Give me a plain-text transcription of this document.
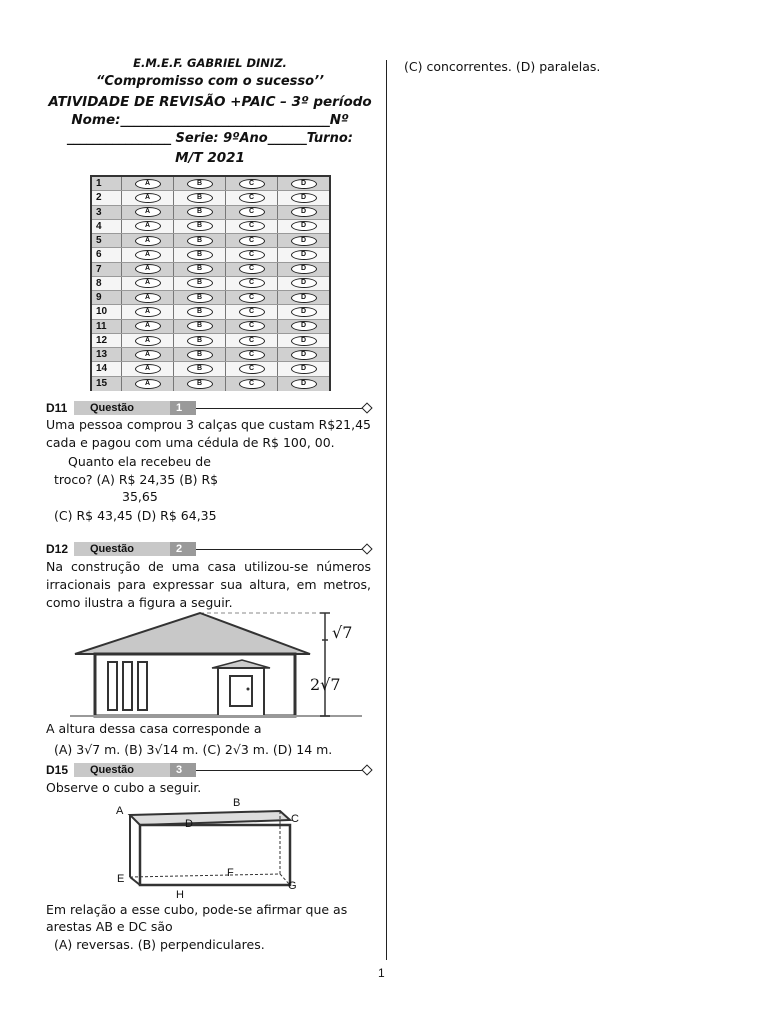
E.M.E.F. GABRIEL DINIZ.
“Compromisso com o sucesso’’
ATIVIDADE DE REVISÃO +PAIC – 3º período
Nome:_______________________________Nº
________________ Serie: 9ºAno______Turno:
M/T 2021
1	A	B	C	D
2	A	B	C	D
3	A	B	C	D
4	A	B	C	D
5	A	B	C	D
6	A	B	C	D
7	A	B	C	D
8	A	B	C	D
9	A	B	C	D
10	A	B	C	D
11	A	B	C	D
12	A	B	C	D
13	A	B	C	D
14	A	B	C	D
15	A	B	C	D
D11	Questão	1
Uma pessoa comprou 3 calças que custam R$21,45
cada e pagou com uma cédula de R$ 100, 00.
Quanto ela recebeu de
troco? (A) R$ 24,35 (B) R$
35,65
(C) R$ 43,45 (D) R$ 64,35
D12	Questão	2
Na construção de uma casa utilizou-se números
irracionais para expressar sua altura, em metros,
como ilustra a figura a seguir.
√7
2√7
A altura dessa casa corresponde a
(A) 3√7 m. (B) 3√14 m. (C) 2√3 m. (D) 14 m.
D15	Questão	3
Observe o cubo a seguir.
A
B
C
D
E	F
G
H
Em relação a esse cubo, pode-se afirmar que as
arestas AB e DC são
(A) reversas. (B) perpendiculares.
(C) concorrentes. (D) paralelas.
1
